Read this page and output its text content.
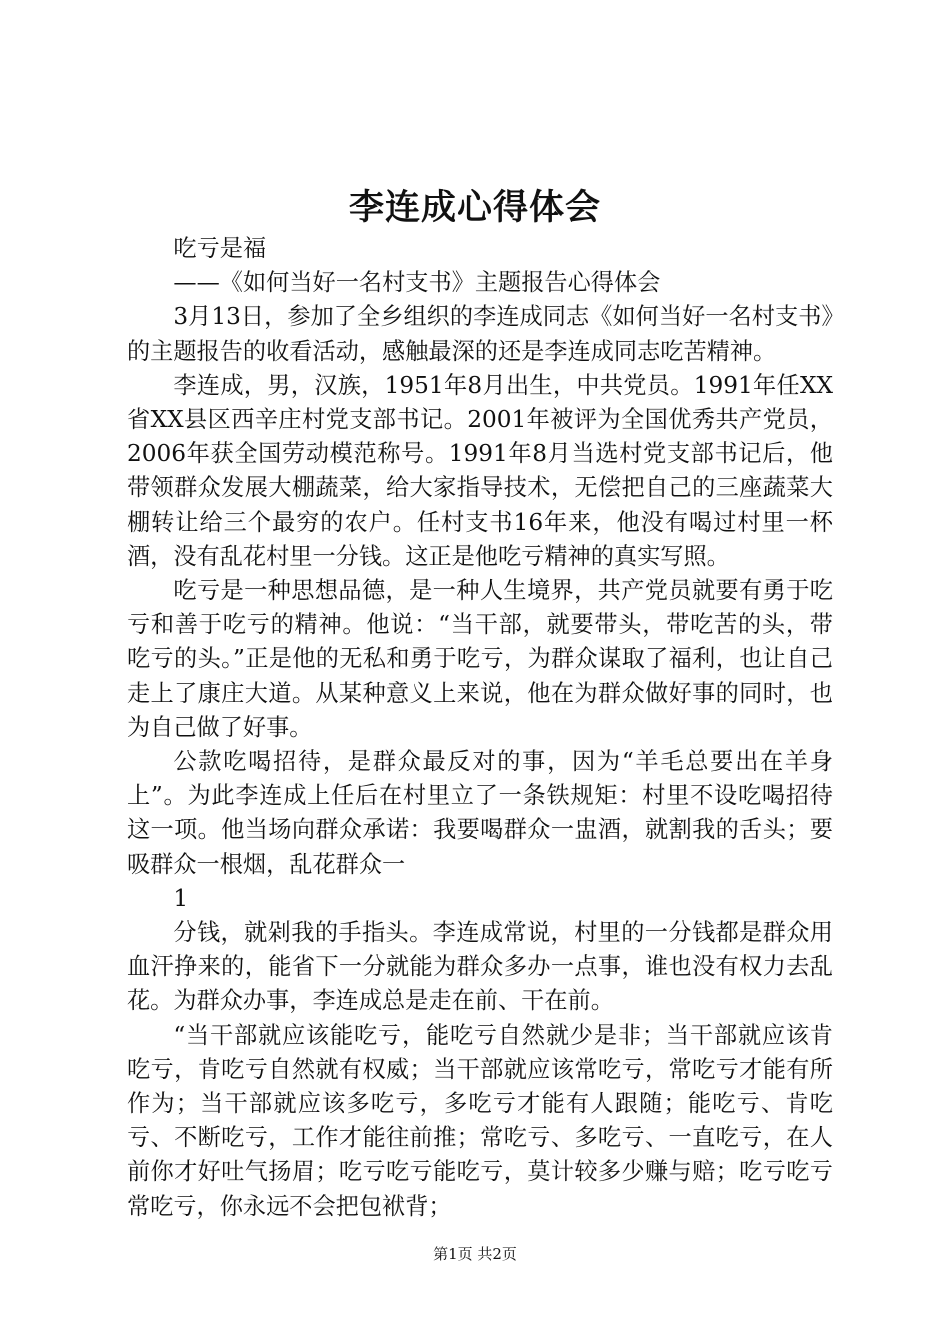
李连成心得体会

吃亏是福

——《如何当好一名村支书》主题报告心得体会

3月13日，参加了全乡组织的李连成同志《如何当好一名村支书》的主题报告的收看活动，感触最深的还是李连成同志吃苦精神。

李连成，男，汉族，1951年8月出生，中共党员。1991年任XX省XX县区西辛庄村党支部书记。2001年被评为全国优秀共产党员，2006年获全国劳动模范称号。1991年8月当选村党支部书记后，他带领群众发展大棚蔬菜，给大家指导技术，无偿把自己的三座蔬菜大棚转让给三个最穷的农户。任村支书16年来，他没有喝过村里一杯酒，没有乱花村里一分钱。这正是他吃亏精神的真实写照。

吃亏是一种思想品德，是一种人生境界，共产党员就要有勇于吃亏和善于吃亏的精神。他说：“当干部，就要带头，带吃苦的头，带吃亏的头。”正是他的无私和勇于吃亏，为群众谋取了福利，也让自己走上了康庄大道。从某种意义上来说，他在为群众做好事的同时，也为自己做了好事。

公款吃喝招待，是群众最反对的事，因为“羊毛总要出在羊身上”。为此李连成上任后在村里立了一条铁规矩：村里不设吃喝招待这一项。他当场向群众承诺：我要喝群众一盅酒，就割我的舌头；要吸群众一根烟，乱花群众一

1

分钱，就剁我的手指头。李连成常说，村里的一分钱都是群众用血汗挣来的，能省下一分就能为群众多办一点事，谁也没有权力去乱花。为群众办事，李连成总是走在前、干在前。

“当干部就应该能吃亏，能吃亏自然就少是非；当干部就应该肯吃亏，肯吃亏自然就有权威；当干部就应该常吃亏，常吃亏才能有所作为；当干部就应该多吃亏，多吃亏才能有人跟随；能吃亏、肯吃亏、不断吃亏，工作才能往前推；常吃亏、多吃亏、一直吃亏，在人前你才好吐气扬眉；吃亏吃亏能吃亏，莫计较多少赚与赔；吃亏吃亏常吃亏，你永远不会把包袱背；

第1页 共2页
